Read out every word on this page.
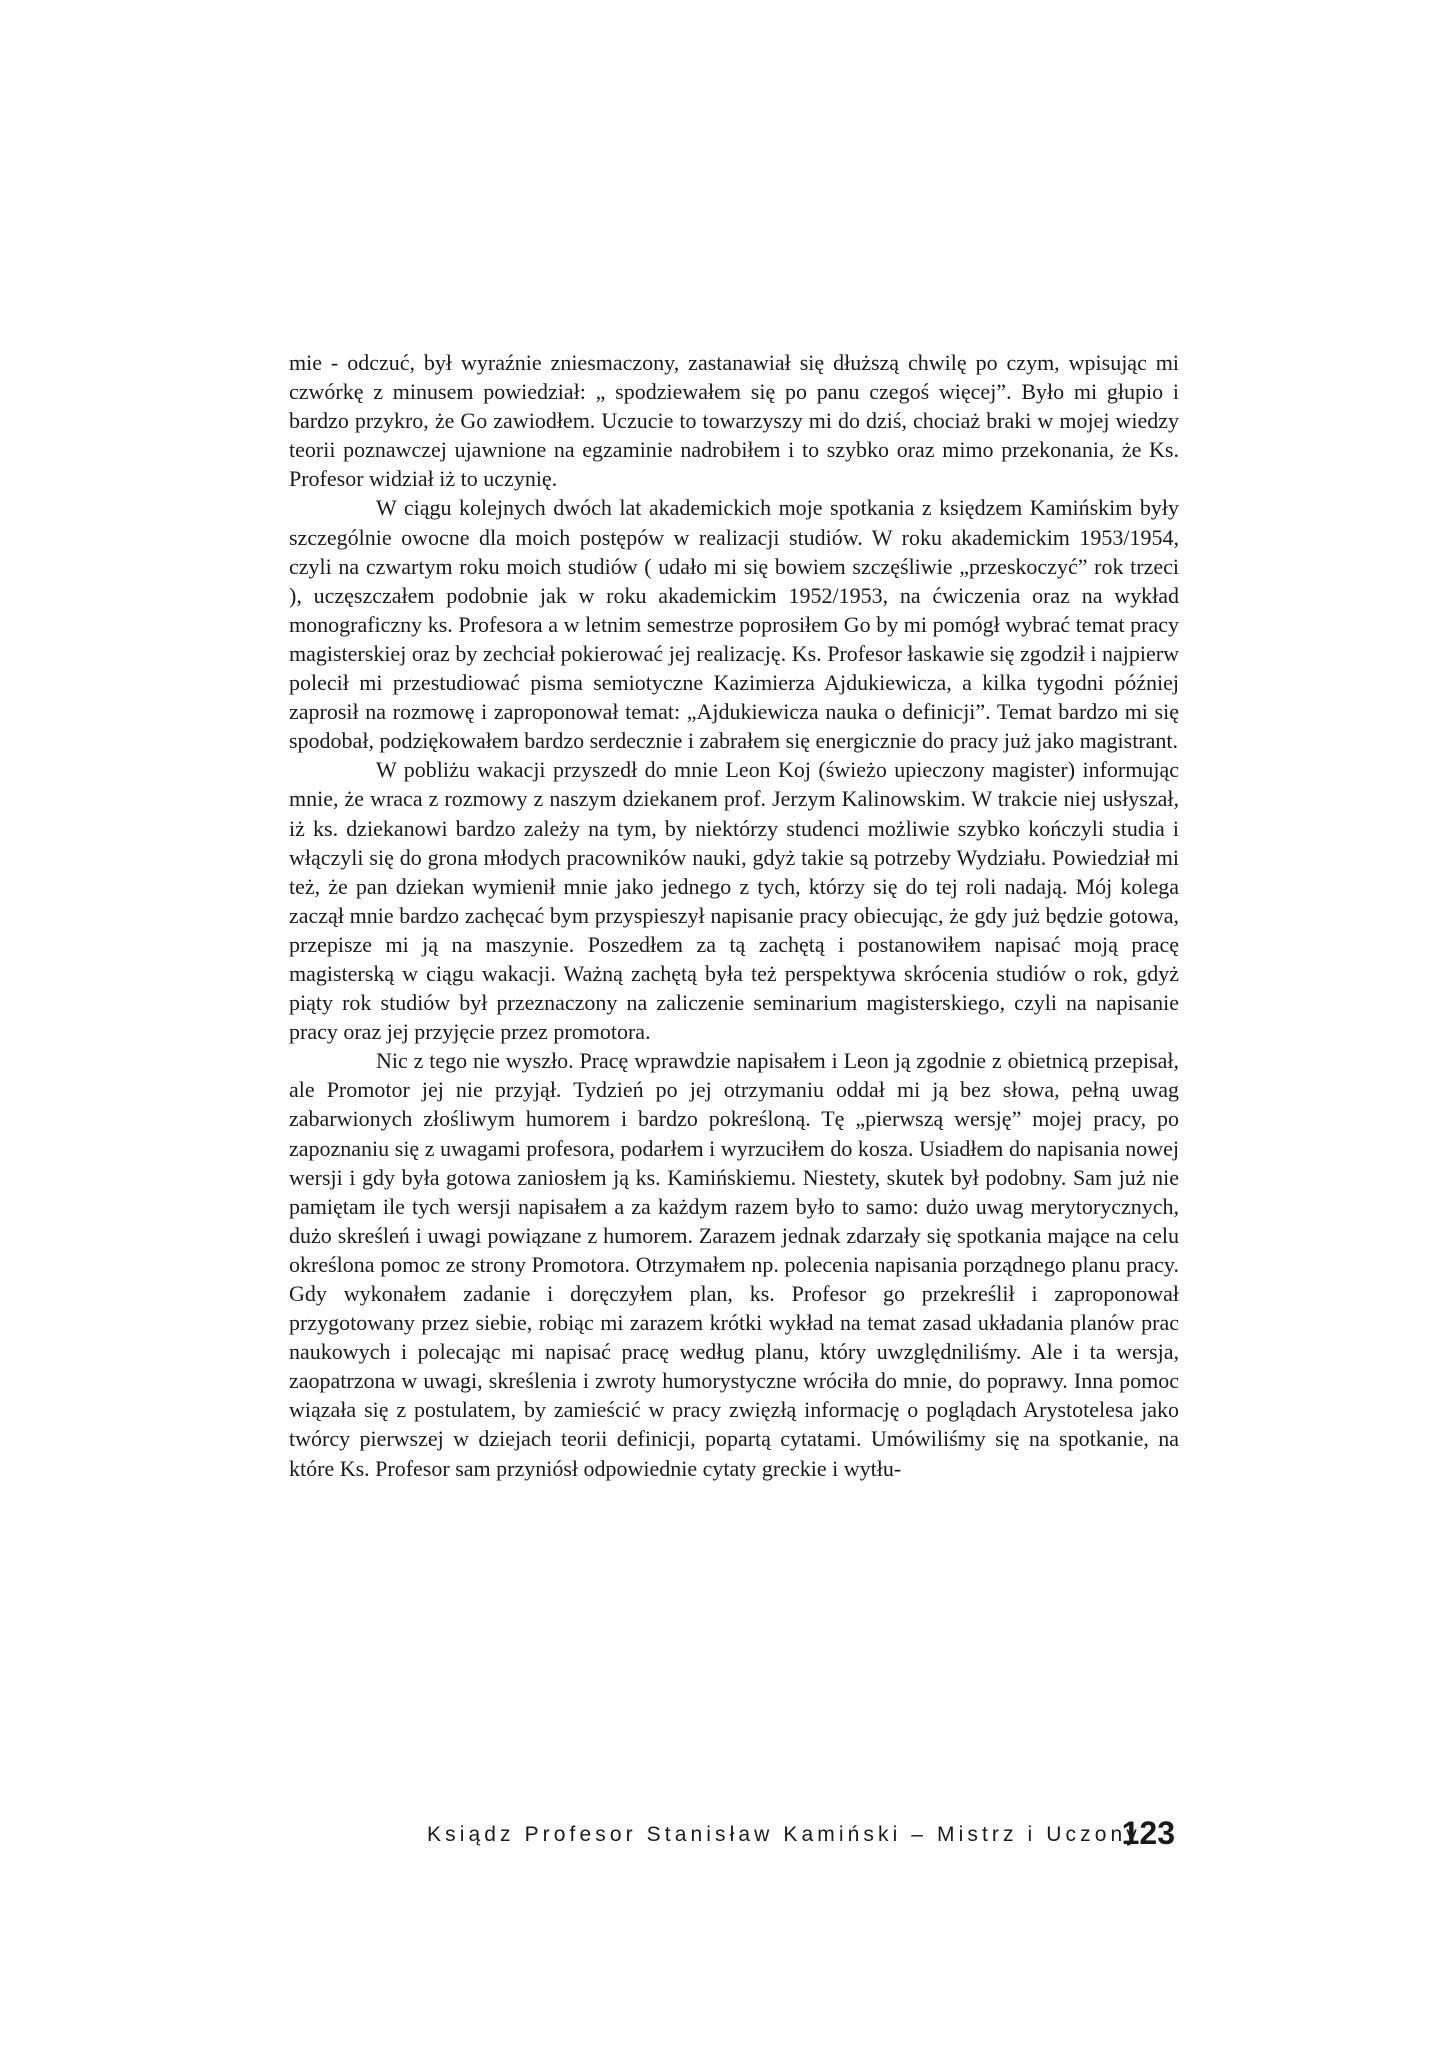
mie - odczuć, był wyraźnie zniesmaczony, zastanawiał się dłuższą chwilę po czym, wpisując mi czwórkę z minusem powiedział: „ spodziewałem się po panu czegoś więcej”. Było mi głupio i bardzo przykro, że Go zawiodłem. Uczucie to towarzyszy mi do dziś, chociaż braki w mojej wiedzy teorii poznawczej ujawnione na egzaminie nadrobiłem i to szybko oraz mimo przekonania, że Ks. Profesor widział iż to uczynię.

W ciągu kolejnych dwóch lat akademickich moje spotkania z księdzem Kamińskim były szczególnie owocne dla moich postępów w realizacji studiów. W roku akademickim 1953/1954, czyli na czwartym roku moich studiów ( udało mi się bowiem szczęśliwie „przeskoczyć” rok trzeci ), uczęszczałem podobnie jak w roku akademickim 1952/1953, na ćwiczenia oraz na wykład monograficzny ks. Profesora a w letnim semestrze poprosiłem Go by mi pomógł wybrać temat pracy magisterskiej oraz by zechciał pokierować jej realizację. Ks. Profesor łaskawie się zgodził i najpierw polecił mi przestudiować pisma semiotyczne Kazimierza Ajdukiewicza, a kilka tygodni później zaprosił na rozmowę i zaproponował temat: „Ajdukiewicza nauka o definicji”. Temat bardzo mi się spodobał, podziękowałem bardzo serdecznie i zabrałem się energicznie do pracy już jako magistrant.

W pobliżu wakacji przyszedł do mnie Leon Koj (świeżo upieczony magister) informując mnie, że wraca z rozmowy z naszym dziekanem prof. Jerzym Kalinowskim. W trakcie niej usłyszał, iż ks. dziekanowi bardzo zależy na tym, by niektórzy studenci możliwie szybko kończyli studia i włączyli się do grona młodych pracowników nauki, gdyż takie są potrzeby Wydziału. Powiedział mi też, że pan dziekan wymienił mnie jako jednego z tych, którzy się do tej roli nadają. Mój kolega zaczął mnie bardzo zachęcać bym przyspieszył napisanie pracy obiecując, że gdy już będzie gotowa, przepisze mi ją na maszynie. Poszedłem za tą zachętą i postanowiłem napisać moją pracę magisterską w ciągu wakacji. Ważną zachętą była też perspektywa skrócenia studiów o rok, gdyż piąty rok studiów był przeznaczony na zaliczenie seminarium magisterskiego, czyli na napisanie pracy oraz jej przyjęcie przez promotora.

Nic z tego nie wyszło. Pracę wprawdzie napisałem i Leon ją zgodnie z obietnicą przepisał, ale Promotor jej nie przyjął. Tydzień po jej otrzymaniu oddał mi ją bez słowa, pełną uwag zabarwionych złośliwym humorem i bardzo pokreśloną. Tę „pierwszą wersję” mojej pracy, po zapoznaniu się z uwagami profesora, podarłem i wyrzuciłem do kosza. Usiadłem do napisania nowej wersji i gdy była gotowa zaniosłem ją ks. Kamińskiemu. Niestety, skutek był podobny. Sam już nie pamiętam ile tych wersji napisałem a za każdym razem było to samo: dużo uwag merytorycznych, dużo skreśleń i uwagi powiązane z humorem. Zarazem jednak zdarzały się spotkania mające na celu określona pomoc ze strony Promotora. Otrzymałem np. polecenia napisania porządnego planu pracy. Gdy wykonałem zadanie i doręczyłem plan, ks. Profesor go przekreślił i zaproponował przygotowany przez siebie, robiąc mi zarazem krótki wykład na temat zasad układania planów prac naukowych i polecając mi napisać pracę według planu, który uwzględniliśmy. Ale i ta wersja, zaopatrzona w uwagi, skreślenia i zwroty humorystyczne wróciła do mnie, do poprawy. Inna pomoc wiązała się z postulatem, by zamieścić w pracy zwięzłą informację o poglądach Arystotelesa jako twórcy pierwszej w dziejach teorii definicji, popartą cytatami. Umówiliśmy się na spotkanie, na które Ks. Profesor sam przyniósł odpowiednie cytaty greckie i wytłu-

Ksiądz Profesor Stanisław Kamiński – Mistrz i Uczony
123
